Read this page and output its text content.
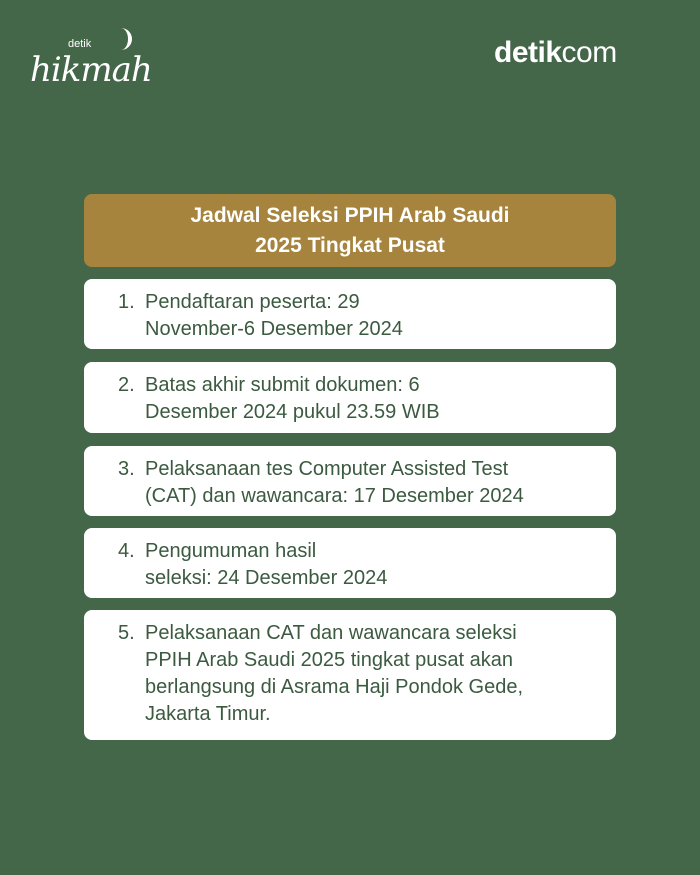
detik
hikmah	detikcom
Jadwal Seleksi PPIH Arab Saudi
2025 Tingkat Pusat
1. Pendaftaran peserta: 29
November-6 Desember 2024
2. Batas akhir submit dokumen: 6
Desember 2024 pukul 23.59 WIB
3. Pelaksanaan tes Computer Assisted Test
(CAT) dan wawancara: 17 Desember 2024
4. Pengumuman hasil
seleksi: 24 Desember 2024
5. Pelaksanaan CAT dan wawancara seleksi
PPIH Arab Saudi 2025 tingkat pusat akan
berlangsung di Asrama Haji Pondok Gede,
Jakarta Timur.
